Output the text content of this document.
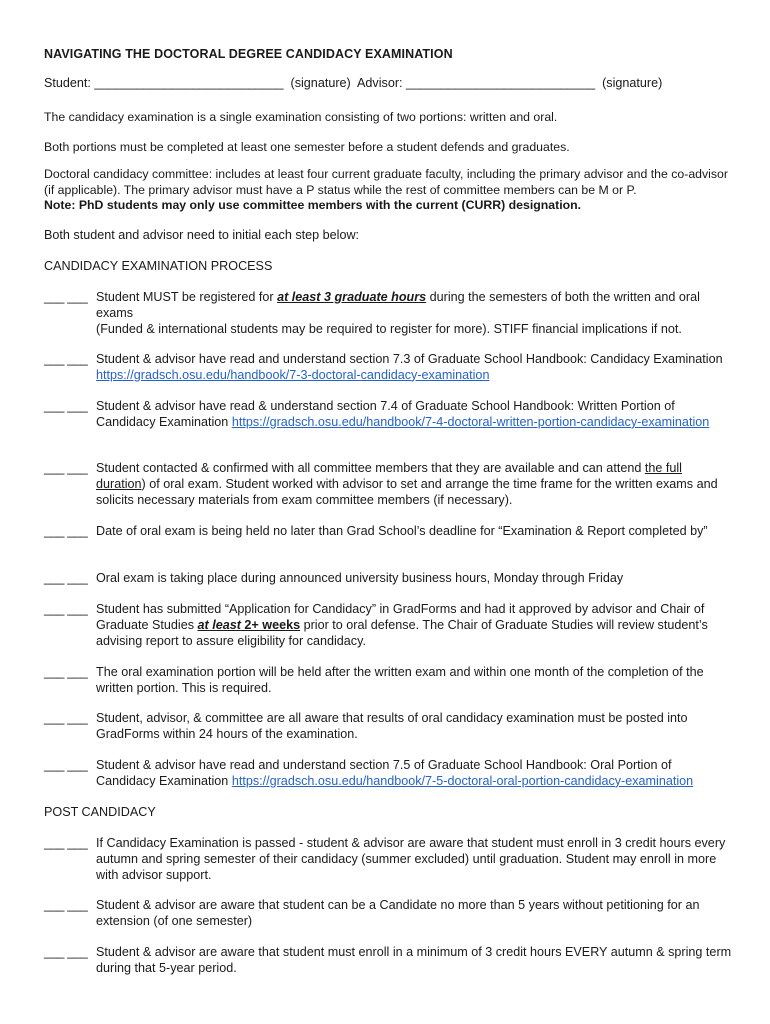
NAVIGATING THE DOCTORAL DEGREE CANDIDACY EXAMINATION
Student: ___________________________  (signature)  Advisor: ___________________________  (signature)
The candidacy examination is a single examination consisting of two portions: written and oral.
Both portions must be completed at least one semester before a student defends and graduates.
Doctoral candidacy committee: includes at least four current graduate faculty, including the primary advisor and the co-advisor (if applicable). The primary advisor must have a P status while the rest of committee members can be M or P.
Note: PhD students may only use committee members with the current (CURR) designation.
Both student and advisor need to initial each step below:
CANDIDACY EXAMINATION PROCESS
___ ___ Student MUST be registered for at least 3 graduate hours during the semesters of both the written and oral exams
(Funded & international students may be required to register for more). STIFF financial implications if not.
___ ___ Student & advisor have read and understand section 7.3 of Graduate School Handbook: Candidacy Examination https://gradsch.osu.edu/handbook/7-3-doctoral-candidacy-examination
___ ___ Student & advisor have read & understand section 7.4 of Graduate School Handbook: Written Portion of Candidacy Examination https://gradsch.osu.edu/handbook/7-4-doctoral-written-portion-candidacy-examination
___ ___ Student contacted & confirmed with all committee members that they are available and can attend the full duration) of oral exam. Student worked with advisor to set and arrange the time frame for the written exams and solicits necessary materials from exam committee members (if necessary).
___ ___ Date of oral exam is being held no later than Grad School’s deadline for “Examination & Report completed by”
___ ___ Oral exam is taking place during announced university business hours, Monday through Friday
___ ___ Student has submitted “Application for Candidacy” in GradForms and had it approved by advisor and Chair of Graduate Studies at least 2+ weeks prior to oral defense. The Chair of Graduate Studies will review student’s advising report to assure eligibility for candidacy.
___ ___ The oral examination portion will be held after the written exam and within one month of the completion of the written portion. This is required.
___ ___ Student, advisor, & committee are all aware that results of oral candidacy examination must be posted into GradForms within 24 hours of the examination.
___ ___ Student & advisor have read and understand section 7.5 of Graduate School Handbook: Oral Portion of Candidacy Examination https://gradsch.osu.edu/handbook/7-5-doctoral-oral-portion-candidacy-examination
POST CANDIDACY
___ ___ If Candidacy Examination is passed - student & advisor are aware that student must enroll in 3 credit hours every autumn and spring semester of their candidacy (summer excluded) until graduation. Student may enroll in more with advisor support.
___ ___ Student & advisor are aware that student can be a Candidate no more than 5 years without petitioning for an extension (of one semester)
___ ___ Student & advisor are aware that student must enroll in a minimum of 3 credit hours EVERY autumn & spring term during that 5-year period.
